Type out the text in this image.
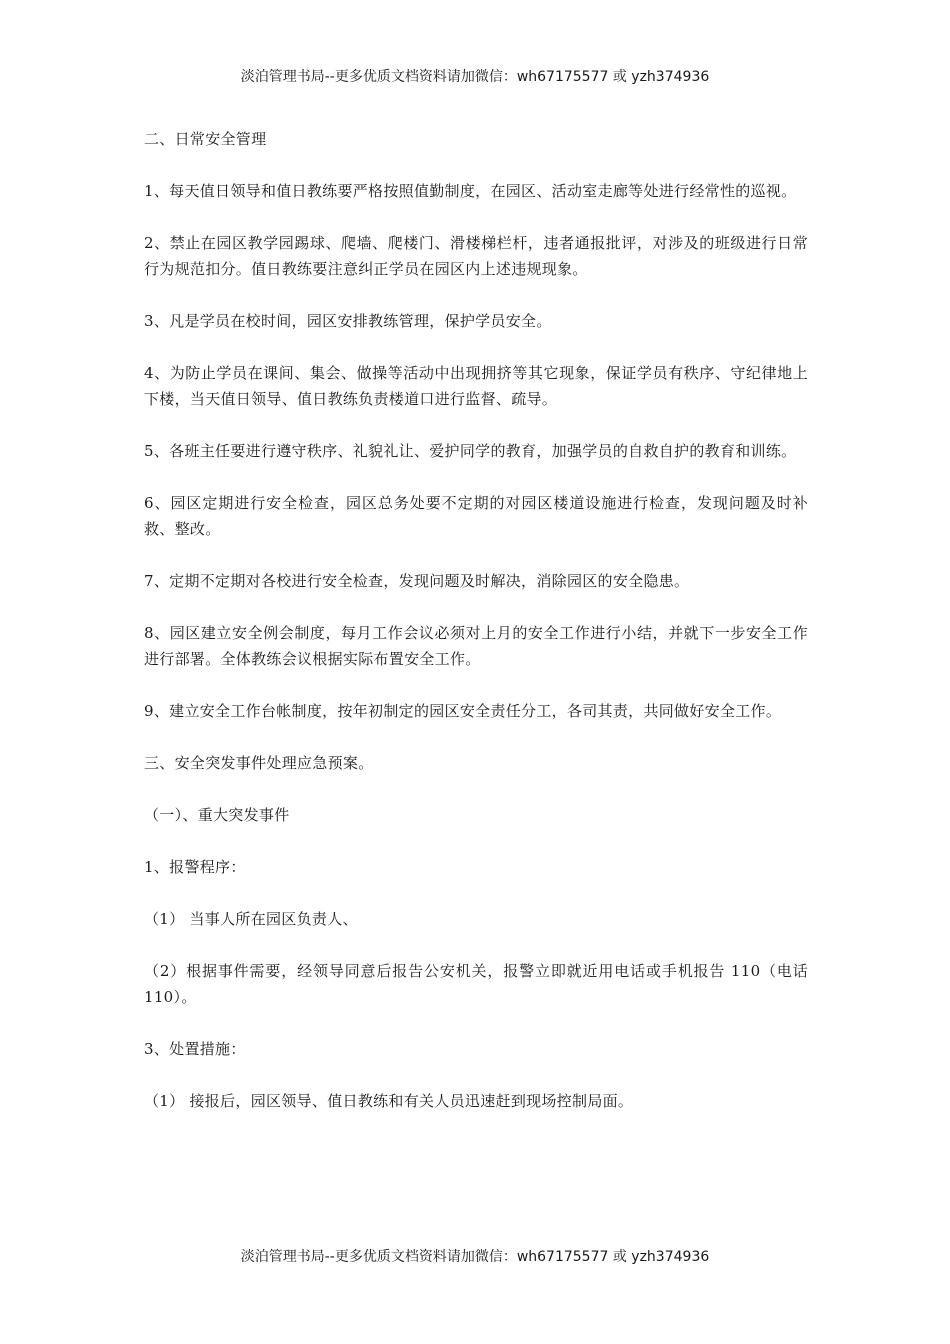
淡泊管理书局--更多优质文档资料请加微信：wh67175577 或 yzh374936

二、日常安全管理

1、每天值日领导和值日教练要严格按照值勤制度，在园区、活动室走廊等处进行经常性的巡视。

2、禁止在园区教学园踢球、爬墙、爬楼门、滑楼梯栏杆，违者通报批评，对涉及的班级进行日常行为规范扣分。值日教练要注意纠正学员在园区内上述违规现象。

3、凡是学员在校时间，园区安排教练管理，保护学员安全。

4、为防止学员在课间、集会、做操等活动中出现拥挤等其它现象，保证学员有秩序、守纪律地上下楼，当天值日领导、值日教练负责楼道口进行监督、疏导。

5、各班主任要进行遵守秩序、礼貌礼让、爱护同学的教育，加强学员的自救自护的教育和训练。

6、园区定期进行安全检查，园区总务处要不定期的对园区楼道设施进行检查，发现问题及时补救、整改。

7、定期不定期对各校进行安全检查，发现问题及时解决，消除园区的安全隐患。

8、园区建立安全例会制度，每月工作会议必须对上月的安全工作进行小结，并就下一步安全工作进行部署。全体教练会议根据实际布置安全工作。

9、建立安全工作台帐制度，按年初制定的园区安全责任分工，各司其责，共同做好安全工作。

三、安全突发事件处理应急预案。

（一）、重大突发事件

1、报警程序：

（1） 当事人所在园区负责人、

（2）根据事件需要，经领导同意后报告公安机关，报警立即就近用电话或手机报告 110（电话 110）。

3、处置措施：

（1） 接报后，园区领导、值日教练和有关人员迅速赶到现场控制局面。

淡泊管理书局--更多优质文档资料请加微信：wh67175577 或 yzh374936
